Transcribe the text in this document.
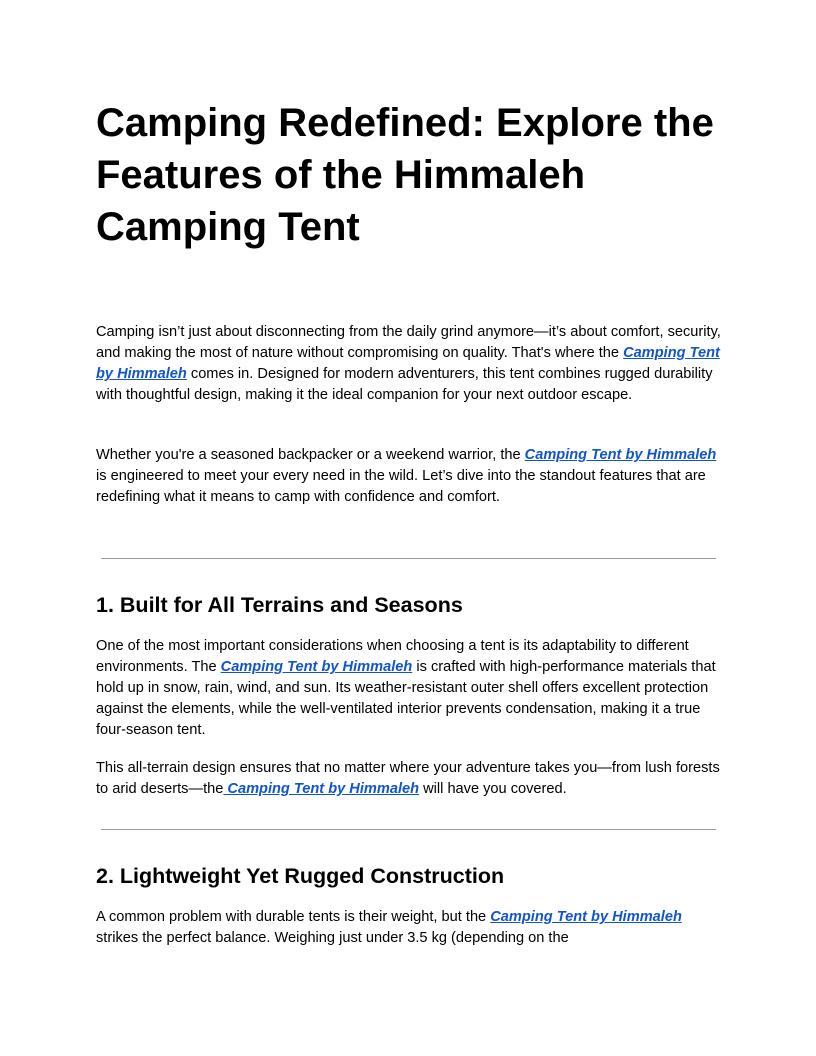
Camping Redefined: Explore the Features of the Himmaleh Camping Tent

Camping isn’t just about disconnecting from the daily grind anymore—it’s about comfort, security, and making the most of nature without compromising on quality. That's where the Camping Tent by Himmaleh comes in. Designed for modern adventurers, this tent combines rugged durability with thoughtful design, making it the ideal companion for your next outdoor escape.

Whether you're a seasoned backpacker or a weekend warrior, the Camping Tent by Himmaleh is engineered to meet your every need in the wild. Let’s dive into the standout features that are redefining what it means to camp with confidence and comfort.

1. Built for All Terrains and Seasons

One of the most important considerations when choosing a tent is its adaptability to different environments. The Camping Tent by Himmaleh is crafted with high-performance materials that hold up in snow, rain, wind, and sun. Its weather-resistant outer shell offers excellent protection against the elements, while the well-ventilated interior prevents condensation, making it a true four-season tent.

This all-terrain design ensures that no matter where your adventure takes you—from lush forests to arid deserts—the Camping Tent by Himmaleh will have you covered.

2. Lightweight Yet Rugged Construction

A common problem with durable tents is their weight, but the Camping Tent by Himmaleh strikes the perfect balance. Weighing just under 3.5 kg (depending on the
